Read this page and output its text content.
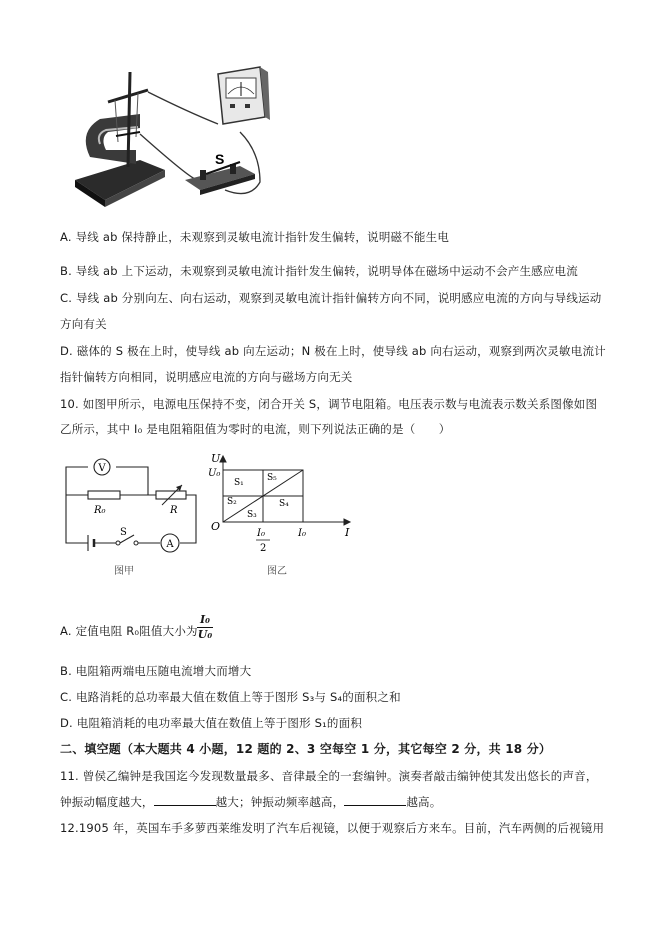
S
A. 导线 ab 保持静止，未观察到灵敏电流计指针发生偏转，说明磁不能生电
B. 导线 ab 上下运动，未观察到灵敏电流计指针发生偏转，说明导体在磁场中运动不会产生感应电流
C. 导线 ab 分别向左、向右运动，观察到灵敏电流计指针偏转方向不同，说明感应电流的方向与导线运动
方向有关
D. 磁体的 S 极在上时，使导线 ab 向左运动；N 极在上时，使导线 ab 向右运动，观察到两次灵敏电流计
指针偏转方向相同，说明感应电流的方向与磁场方向无关
10. 如图甲所示，电源电压保持不变，闭合开关 S，调节电阻箱。电压表示数与电流表示数关系图像如图
乙所示，其中 I₀ 是电阻箱阻值为零时的电流，则下列说法正确的是（　　）
V
A
R₀	R
S
图甲
U
I
U₀
O
S₁
S₂
S₃
S₄
S₅
I₀
2
I₀
图乙
A. 定值电阻 R₀阻值大小为
I₀
U₀
B. 电阻箱两端电压随电流增大而增大
C. 电路消耗的总功率最大值在数值上等于图形 S₃与 S₄的面积之和
D. 电阻箱消耗的电功率最大值在数值上等于图形 S₁的面积
二、填空题（本大题共 4 小题，12 题的 2、3 空每空 1 分，其它每空 2 分，共 18 分）
11. 曾侯乙编钟是我国迄今发现数量最多、音律最全的一套编钟。演奏者敲击编钟使其发出悠长的声音，
钟振动幅度越大，	越大；钟振动频率越高，	越高。
12.1905 年，英国车手多萝西莱维发明了汽车后视镜，以便于观察后方来车。目前，汽车两侧的后视镜用
